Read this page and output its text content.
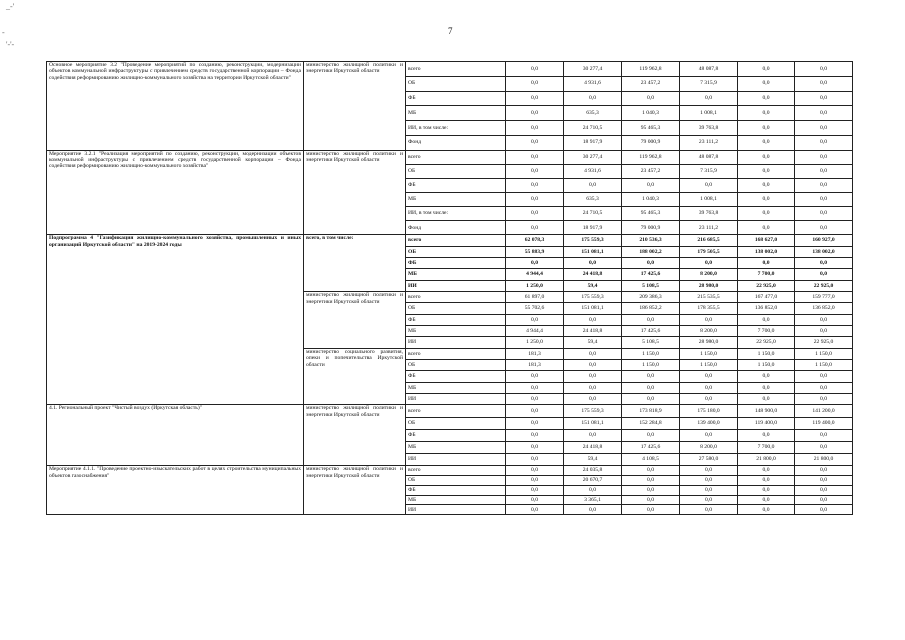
7
_-'
-
'-'-
Основное мероприятие 3.2 "Проведение мероприятий по созданию, реконструкции, модернизации объектов коммунальной инфраструктуры с привлечением средств государственной корпорации – Фонда содействия реформированию жилищно-коммунального хозяйства на территории Иркутской области"	министерство жилищной политики и энергетики Иркутской области	всего	0,0	30 277,4	119 962,8	48 087,8	0,0	0,0
		ОБ	0,0	4 931,6	23 457,2	7 315,9	0,0	0,0
		ФБ	0,0	0,0	0,0	0,0	0,0	0,0
		МБ	0,0	635,3	1 040,3	1 008,1	0,0	0,0
		ИИ, в том числе:	0,0	24 710,5	95 465,3	39 763,8	0,0	0,0
		Фонд	0,0	18 917,9	79 000,9	23 111,2	0,0	0,0
Мероприятие 3.2.1 "Реализация мероприятий по созданию, реконструкции, модернизации объектов коммунальной инфраструктуры с привлечением средств государственной корпорации – Фонда содействия реформированию жилищно-коммунального хозяйства"	министерство жилищной политики и энергетики Иркутской области	всего	0,0	30 277,4	119 962,8	48 087,8	0,0	0,0
		ОБ	0,0	4 931,6	23 457,2	7 315,9	0,0	0,0
		ФБ	0,0	0,0	0,0	0,0	0,0	0,0
		МБ	0,0	635,3	1 040,3	1 008,1	0,0	0,0
		ИИ, в том числе:	0,0	24 710,5	95 465,3	39 763,8	0,0	0,0
		Фонд	0,0	18 917,9	79 000,9	23 111,2	0,0	0,0
Подпрограмма 4 "Газификация жилищно-коммунального хозяйства, промышленных и иных организаций Иркутской области" на 2019-2024 годы	всего, в том числе:	всего	62 078,3	175 559,3	210 536,3	216 685,5	168 627,0	160 927,0
		ОБ	55 883,9	151 081,1	188 002,2	179 505,5	138 002,0	138 002,0
		ФБ	0,0	0,0	0,0	0,0	0,0	0,0
		МБ	4 944,4	24 418,8	17 425,6	8 200,0	7 700,0	0,0
		ИИ	1 250,0	59,4	5 108,5	28 980,0	22 925,0	22 925,0
	министерство жилищной политики и энергетики Иркутской области	всего	61 897,0	175 559,3	209 386,3	215 535,5	167 477,0	159 777,0
		ОБ	55 702,6	151 081,1	186 852,2	178 355,5	136 852,0	136 852,0
		ФБ	0,0	0,0	0,0	0,0	0,0	0,0
		МБ	4 944,4	24 418,8	17 425,6	8 200,0	7 700,0	0,0
		ИИ	1 250,0	59,4	5 108,5	28 980,0	22 925,0	22 925,0
	министерство социального развития, опеки и попечительства Иркутской области	всего	181,3	0,0	1 150,0	1 150,0	1 150,0	1 150,0
		ОБ	181,3	0,0	1 150,0	1 150,0	1 150,0	1 150,0
		ФБ	0,0	0,0	0,0	0,0	0,0	0,0
		МБ	0,0	0,0	0,0	0,0	0,0	0,0
		ИИ	0,0	0,0	0,0	0,0	0,0	0,0
4.1. Региональный проект "Чистый воздух (Иркутская область)"	министерство жилищной политики и энергетики Иркутской области	всего	0,0	175 559,3	173 818,9	175 180,0	148 900,0	141 200,0
		ОБ	0,0	151 081,1	152 284,8	139 400,0	119 400,0	119 400,0
		ФБ	0,0	0,0	0,0	0,0	0,0	0,0
		МБ	0,0	24 418,8	17 425,6	8 200,0	7 700,0	0,0
		ИИ	0,0	59,4	4 108,5	27 580,0	21 800,0	21 800,0
Мероприятие 4.1.1. "Проведение проектно-изыскательских работ в целях строительства муниципальных объектов газоснабжения"	министерство жилищной политики и энергетики Иркутской области	всего	0,0	24 035,8	0,0	0,0	0,0	0,0
		ОБ	0,0	20 670,7	0,0	0,0	0,0	0,0
		ФБ	0,0	0,0	0,0	0,0	0,0	0,0
		МБ	0,0	3 365,1	0,0	0,0	0,0	0,0
		ИИ	0,0	0,0	0,0	0,0	0,0	0,0
